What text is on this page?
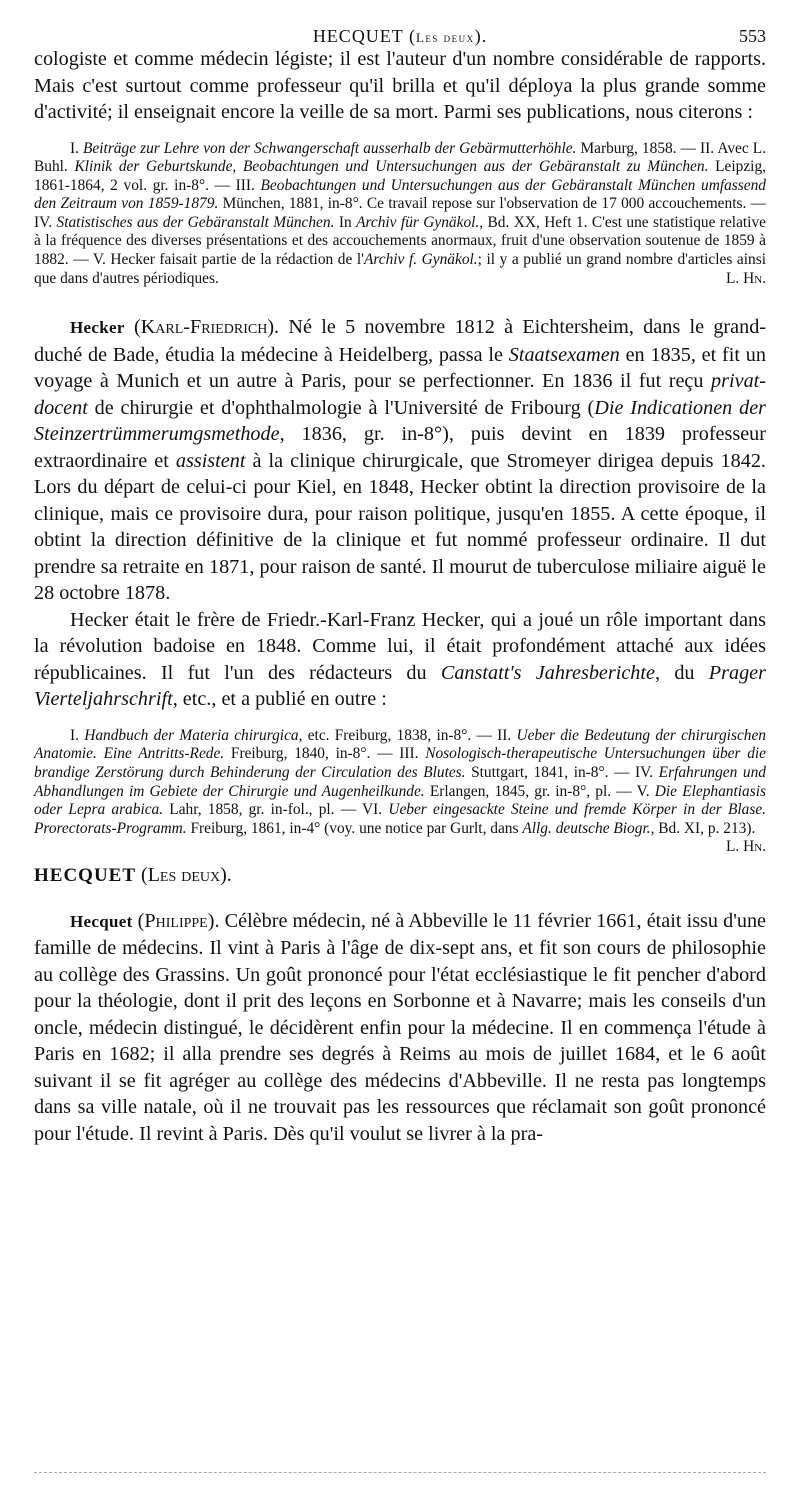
HECQUET (Les deux).	553

cologiste et comme médecin légiste; il est l'auteur d'un nombre considérable de rapports. Mais c'est surtout comme professeur qu'il brilla et qu'il déploya la plus grande somme d'activité; il enseignait encore la veille de sa mort. Parmi ses publications, nous citerons :

I. Beiträge zur Lehre von der Schwangerschaft ausserhalb der Gebärmutterhöhle. Marburg, 1858. — II. Avec L. Buhl. Klinik der Geburtskunde, Beobachtungen und Untersuchungen aus der Gebäranstalt zu München. Leipzig, 1861-1864, 2 vol. gr. in-8°. — III. Beobachtungen und Untersuchungen aus der Gebäranstalt München umfassend den Zeitraum von 1859-1879. München, 1881, in-8°. Ce travail repose sur l'observation de 17 000 accouchements. — IV. Statistisches aus der Gebäranstalt München. In Archiv für Gynäkol., Bd. XX, Heft 1. C'est une statistique relative à la fréquence des diverses présentations et des accouchements anormaux, fruit d'une observation soutenue de 1859 à 1882. — V. Hecker faisait partie de la rédaction de l'Archiv f. Gynäkol.; il y a publié un grand nombre d'articles ainsi que dans d'autres périodiques.	L. Hn.

Hecker (Karl-Friedrich). Né le 5 novembre 1812 à Eichtersheim, dans le grand-duché de Bade, étudia la médecine à Heidelberg, passa le Staatsexamen en 1835, et fit un voyage à Munich et un autre à Paris, pour se perfectionner. En 1836 il fut reçu privat-docent de chirurgie et d'ophthalmologie à l'Université de Fribourg (Die Indicationen der Steinzertrümmerumgsmethode, 1836, gr. in-8°), puis devint en 1839 professeur extraordinaire et assistent à la clinique chirurgicale, que Stromeyer dirigea depuis 1842. Lors du départ de celui-ci pour Kiel, en 1848, Hecker obtint la direction provisoire de la clinique, mais ce provisoire dura, pour raison politique, jusqu'en 1855. A cette époque, il obtint la direction définitive de la clinique et fut nommé professeur ordinaire. Il dut prendre sa retraite en 1871, pour raison de santé. Il mourut de tuberculose miliaire aiguë le 28 octobre 1878.

Hecker était le frère de Friedr.-Karl-Franz Hecker, qui a joué un rôle important dans la révolution badoise en 1848. Comme lui, il était profondément attaché aux idées républicaines. Il fut l'un des rédacteurs du Canstatt's Jahresberichte, du Prager Vierteljahrschrift, etc., et a publié en outre :

I. Handbuch der Materia chirurgica, etc. Freiburg, 1838, in-8°. — II. Ueber die Bedeutung der chirurgischen Anatomie. Eine Antritts-Rede. Freiburg, 1840, in-8°. — III. Nosologisch-therapeutische Untersuchungen über die brandige Zerstörung durch Behinderung der Circulation des Blutes. Stuttgart, 1841, in-8°. — IV. Erfahrungen und Abhandlungen im Gebiete der Chirurgie und Augenheilkunde. Erlangen, 1845, gr. in-8°, pl. — V. Die Elephantiasis oder Lepra arabica. Lahr, 1858, gr. in-fol., pl. — VI. Ueber eingesackte Steine und fremde Körper in der Blase. Prorectorats-Programm. Freiburg, 1861, in-4° (voy. une notice par Gurlt, dans Allg. deutsche Biogr., Bd. XI, p. 213).
L. Hn.

HECQUET (Les deux).

Hecquet (Philippe). Célèbre médecin, né à Abbeville le 11 février 1661, était issu d'une famille de médecins. Il vint à Paris à l'âge de dix-sept ans, et fit son cours de philosophie au collège des Grassins. Un goût prononcé pour l'état ecclésiastique le fit pencher d'abord pour la théologie, dont il prit des leçons en Sorbonne et à Navarre; mais les conseils d'un oncle, médecin distingué, le décidèrent enfin pour la médecine. Il en commença l'étude à Paris en 1682; il alla prendre ses degrés à Reims au mois de juillet 1684, et le 6 août suivant il se fit agréger au collège des médecins d'Abbeville. Il ne resta pas longtemps dans sa ville natale, où il ne trouvait pas les ressources que réclamait son goût prononcé pour l'étude. Il revint à Paris. Dès qu'il voulut se livrer à la pra-
